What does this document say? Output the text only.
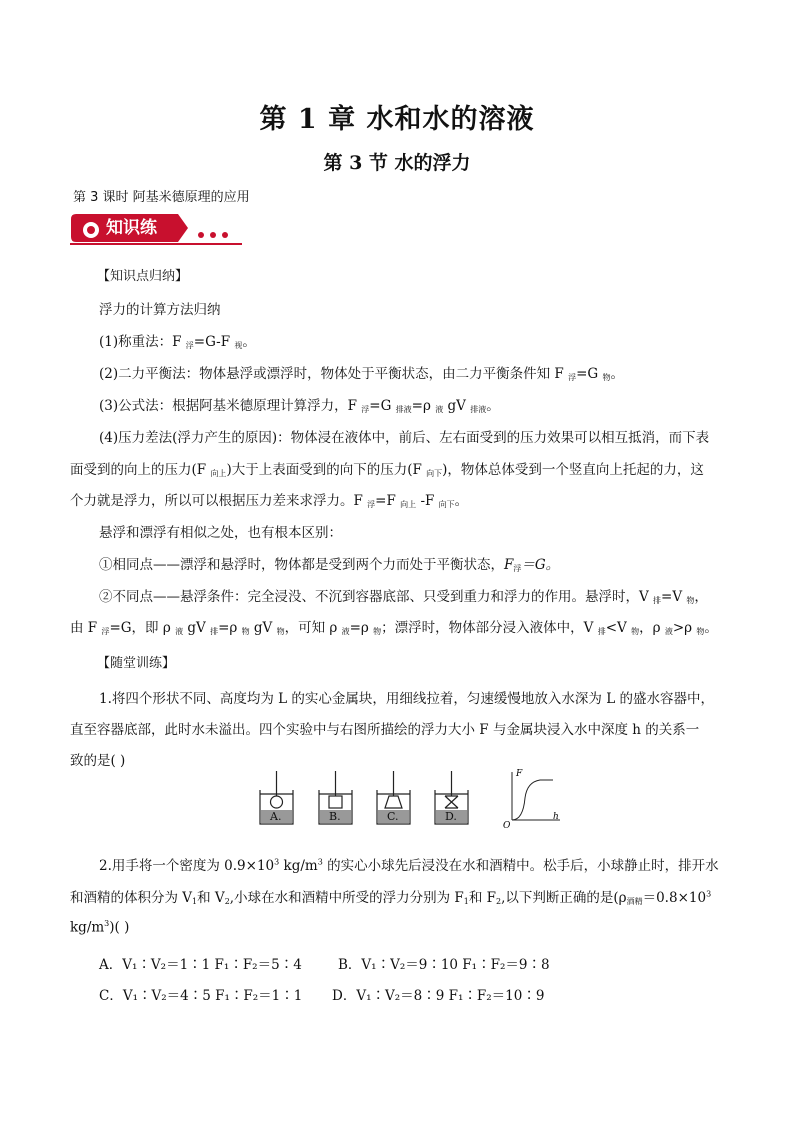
第 1 章 水和水的溶液
第 3 节 水的浮力
第 3 课时 阿基米德原理的应用
知识练
【知识点归纳】
浮力的计算方法归纳
(1)称重法：F $_浮$=G-F $_视$。
(2)二力平衡法：物体悬浮或漂浮时，物体处于平衡状态，由二力平衡条件知 F $_浮$=G $_物$。
(3)公式法：根据阿基米德原理计算浮力，F $_浮$=G $_{排液}$=ρ $_液$ gV $_{排液}$。
(4)压力差法(浮力产生的原因)：物体浸在液体中，前后、左右面受到的压力效果可以相互抵消，而下表
面受到的向上的压力(F $_{向上}$)大于上表面受到的向下的压力(F $_{向下}$)，物体总体受到一个竖直向上托起的力，这
个力就是浮力，所以可以根据压力差来求浮力。F $_浮$=F $_{向上}$ -F $_{向下}$。
悬浮和漂浮有相似之处，也有根本区别：
①相同点——漂浮和悬浮时，物体都是受到两个力而处于平衡状态，$F_浮=G$。
②不同点——悬浮条件：完全浸没、不沉到容器底部、只受到重力和浮力的作用。悬浮时，V $_排$=V $_物$，
由 F $_浮$=G，即 ρ $_液$ gV $_排$=ρ $_物$ gV $_物$，可知 ρ $_液$=ρ $_物$；漂浮时，物体部分浸入液体中，V $_排$<V $_物$，ρ $_液$>ρ $_物$。
【随堂训练】
1.将四个形状不同、高度均为 L 的实心金属块，用细线拉着，匀速缓慢地放入水深为 L 的盛水容器中，
直至容器底部，此时水未溢出。四个实验中与右图所描绘的浮力大小 F 与金属块浸入水中深度 h 的关系一
致的是( )
F
O
h
A.	B.	C.	D.
2.用手将一个密度为 $0.9\times 10^3$ $kg/m^3$ 的实心小球先后浸没在水和酒精中。松手后，小球静止时，排开水
和酒精的体积分为 $V_1$和 $V_2$,小球在水和酒精中所受的浮力分别为 $F_1$和 $F_2$,以下判断正确的是($\rho_{酒精}=0.8\times 10^3$
$kg/m^3$)( )
A．V₁∶V₂＝1∶1 F₁∶F₂＝5∶4	B．V₁∶V₂＝9∶10 F₁∶F₂＝9∶8
C．V₁∶V₂＝4∶5 F₁∶F₂＝1∶1 D．V₁∶V₂＝8∶9 F₁∶F₂＝10∶9
